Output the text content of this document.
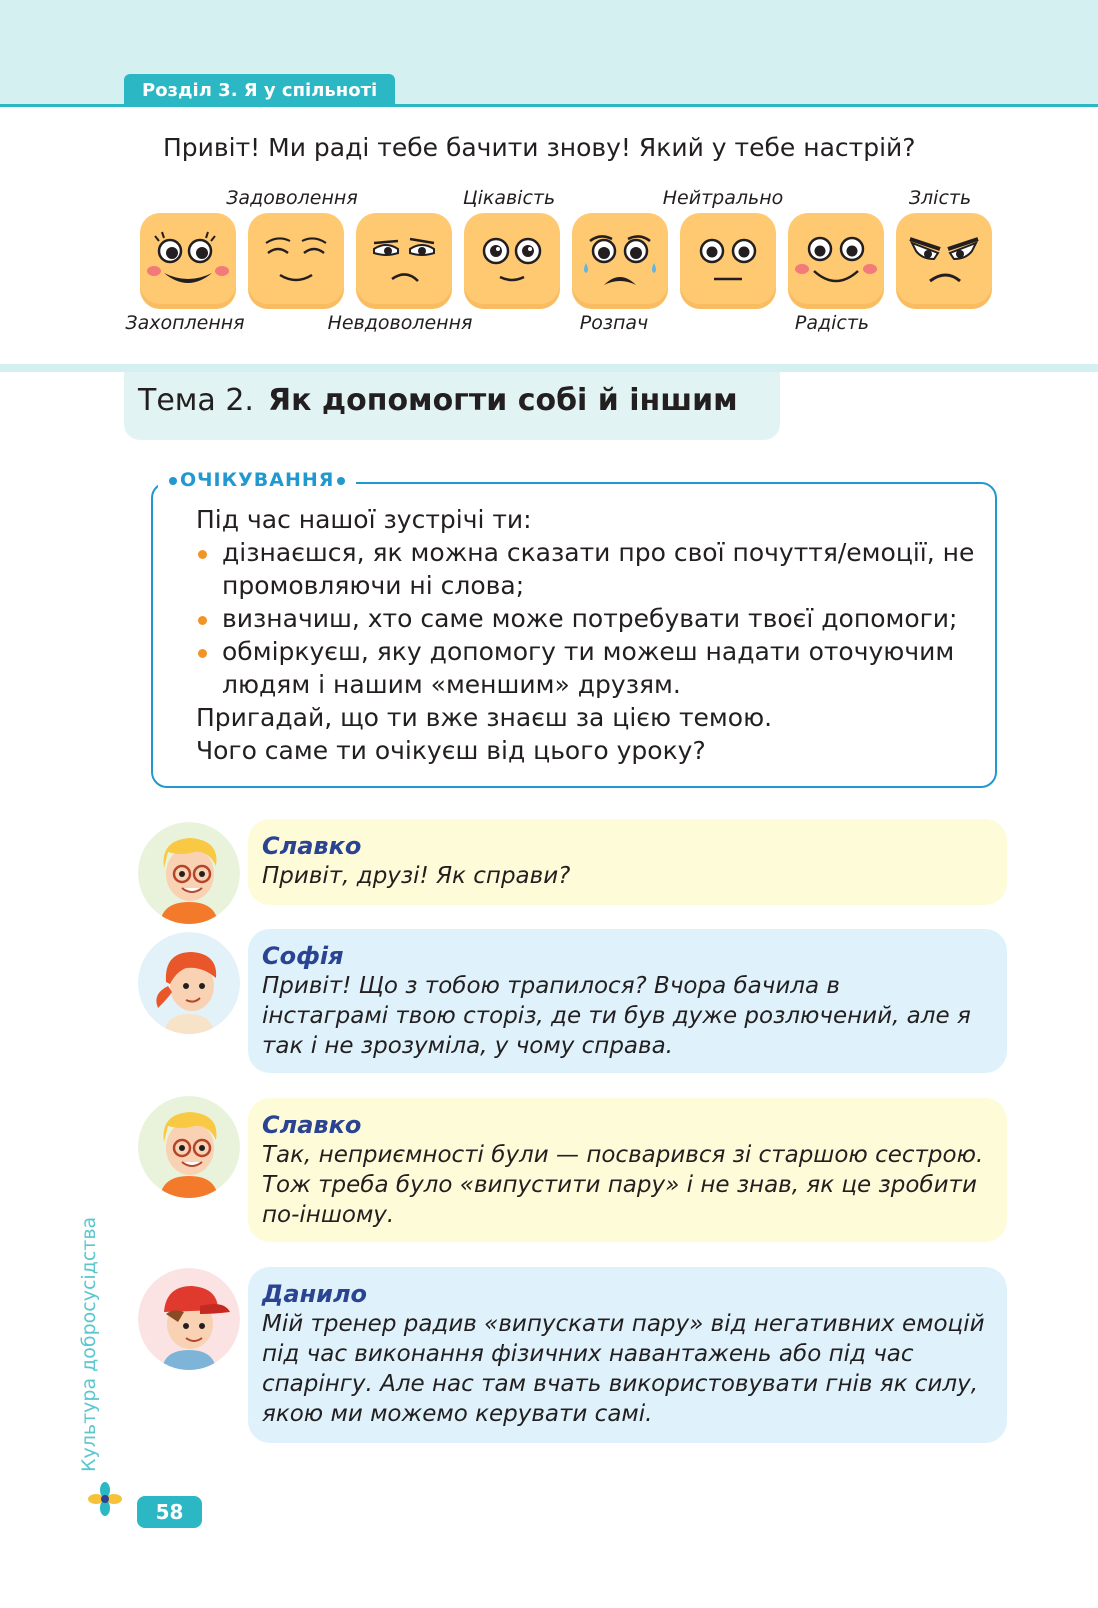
Розділ 3. Я у спільноті
Привіт! Ми раді тебе бачити знову! Який у тебе настрій?
Задоволення	Цікавість	Нейтрально	Злість
Захоплення	Невдоволення	Розпач	Радість
Тема 2. Як допомогти собі й іншим
ОЧІКУВАННЯ
Під час нашої зустрічі ти:
дізнаєшся, як можна сказати про свої почуття/емоції, не
промовляючи ні слова;
визначиш, хто саме може потребувати твоєї допомоги;
обміркуєш, яку допомогу ти можеш надати оточуючим
людям і нашим «меншим» друзям.
Пригадай, що ти вже знаєш за цією темою.
Чого саме ти очікуєш від цього уроку?
Славко
Привіт, друзі! Як справи?
Софія
Привіт! Що з тобою трапилося? Вчора бачила в
інстаграмі твою сторіз, де ти був дуже розлючений, але я
так і не зрозуміла, у чому справа.
Славко
Так, неприємності були — посварився зі старшою сестрою.
Тож треба було «випустити пару» і не знав, як це зробити
по-іншому.
Данило
Мій тренер радив «випускати пару» від негативних емоцій
під час виконання фізичних навантажень або під час
спарінгу. Але нас там вчать використовувати гнів як силу,
якою ми можемо керувати самі.
Культура добросусідства
58
